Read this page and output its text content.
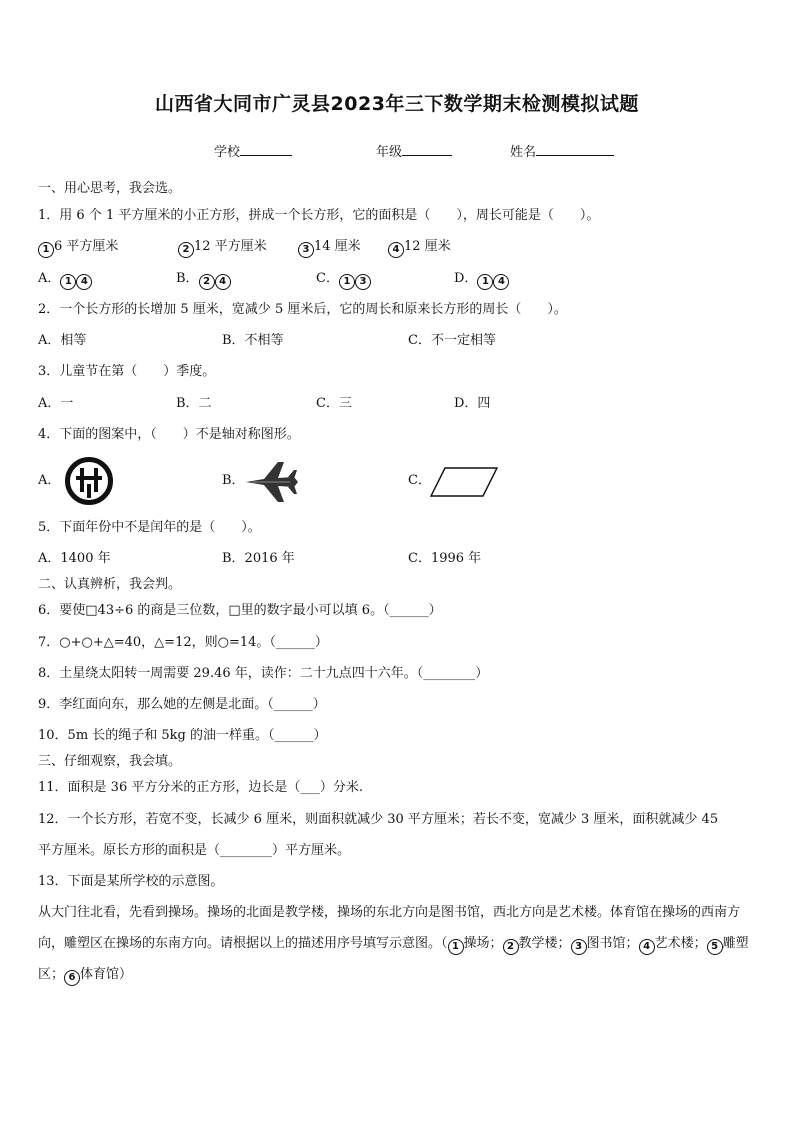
山西省大同市广灵县2023年三下数学期末检测模拟试题
学校	年级	姓名
一、用心思考，我会选。
1．用 6 个 1 平方厘米的小正方形，拼成一个长方形，它的面积是（　　），周长可能是（　　）。
1 6 平方厘米	2 12 平方厘米	3 14 厘米	4 12 厘米
A． 1 4	B． 2 4	C． 1 3	D． 1 4
2．一个长方形的长增加 5 厘米，宽减少 5 厘米后，它的周长和原来长方形的周长（　　）。
A．相等	B．不相等	C．不一定相等
3．儿童节在第（　　）季度。
A．一	B．二	C．三	D．四
4．下面的图案中，（　　）不是轴对称图形。
A．	B．	C．
5．下面年份中不是闰年的是（　　）。
A．1400 年	B．2016 年	C．1996 年
二、认真辨析，我会判。
6．要使□43÷6 的商是三位数，□里的数字最小可以填 6。（______）
7．○+○+△=40，△=12，则○=14。（______）
8．土星绕太阳转一周需要 29.46 年，读作：二十九点四十六年。（________）
9．李红面向东，那么她的左侧是北面。（______）
10．5m 长的绳子和 5kg 的油一样重。（______）
三、仔细观察，我会填。
11．面积是 36 平方分米的正方形，边长是（___）分米.
12．一个长方形，若宽不变，长减少 6 厘米，则面积就减少 30 平方厘米；若长不变，宽减少 3 厘米，面积就减少 45
平方厘米。原长方形的面积是（________）平方厘米。
13．下面是某所学校的示意图。
从大门往北看，先看到操场。操场的北面是教学楼，操场的东北方向是图书馆，西北方向是艺术楼。体育馆在操场的西南方向，雕塑区在操场的东南方向。请根据以上的描述用序号填写示意图。（ 1 操场； 2 教学楼； 3 图书馆； 4 艺术楼； 5 雕塑区； 6 体育馆）
